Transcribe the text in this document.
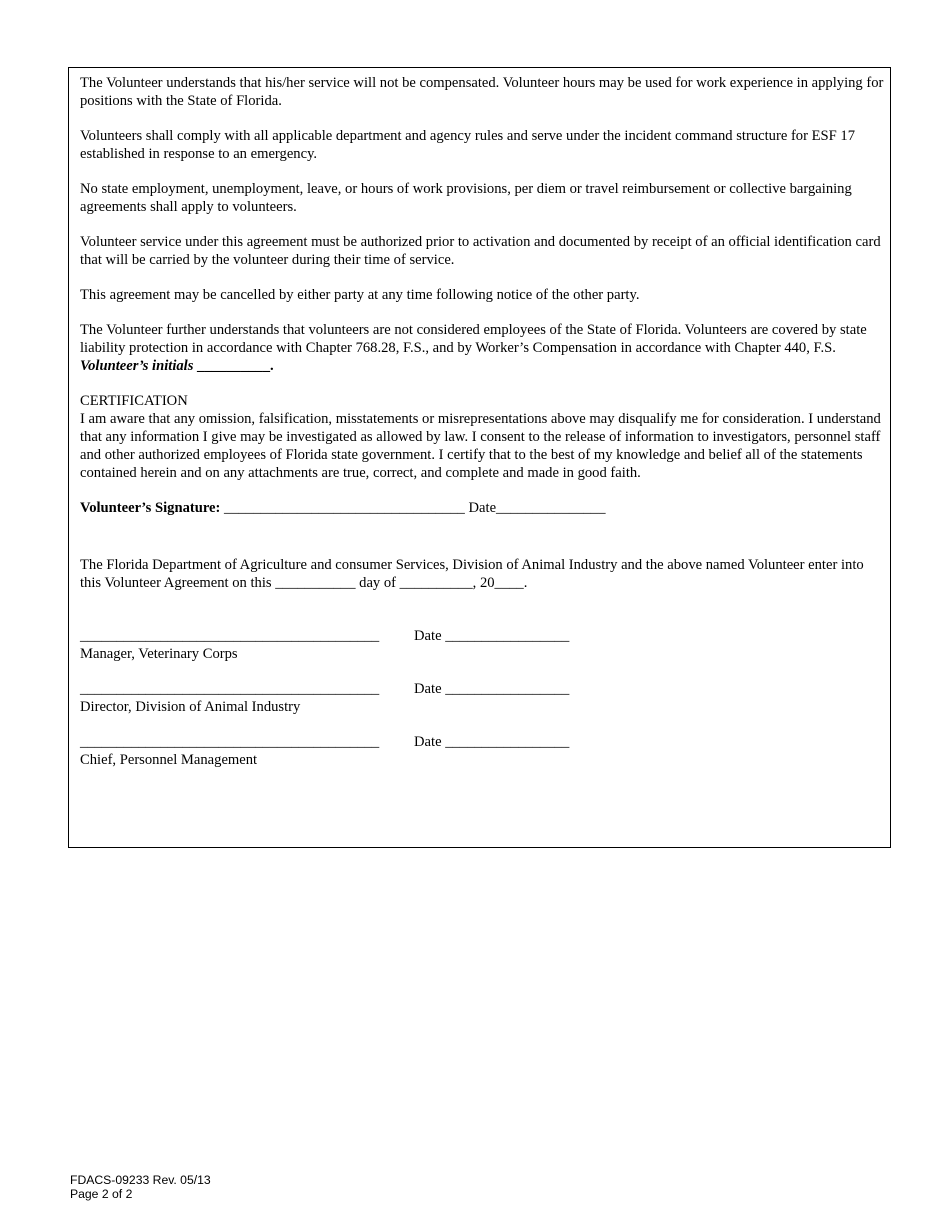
The Volunteer understands that his/her service will not be compensated. Volunteer hours may be used for work experience in applying for positions with the State of Florida.

Volunteers shall comply with all applicable department and agency rules and serve under the incident command structure for ESF 17 established in response to an emergency.

No state employment, unemployment, leave, or hours of work provisions, per diem or travel reimbursement or collective bargaining agreements shall apply to volunteers.

Volunteer service under this agreement must be authorized prior to activation and documented by receipt of an official identification card that will be carried by the volunteer during their time of service.

This agreement may be cancelled by either party at any time following notice of the other party.

The Volunteer further understands that volunteers are not considered employees of the State of Florida. Volunteers are covered by state liability protection in accordance with Chapter 768.28, F.S., and by Worker’s Compensation in accordance with Chapter 440, F.S. Volunteer’s initials __________.

CERTIFICATION

I am aware that any omission, falsification, misstatements or misrepresentations above may disqualify me for consideration. I understand that any information I give may be investigated as allowed by law. I consent to the release of information to investigators, personnel staff and other authorized employees of Florida state government. I certify that to the best of my knowledge and belief all of the statements contained herein and on any attachments are true, correct, and complete and made in good faith.

Volunteer’s Signature: _________________________________ Date_______________

The Florida Department of Agriculture and consumer Services, Division of Animal Industry and the above named Volunteer enter into this Volunteer Agreement on this ___________ day of __________, 20____.

_________________________________________ Date _________________
Manager, Veterinary Corps
_________________________________________ Date _________________
Director, Division of Animal Industry
_________________________________________ Date _________________
Chief, Personnel Management
FDACS-09233 Rev. 05/13
Page 2 of 2
